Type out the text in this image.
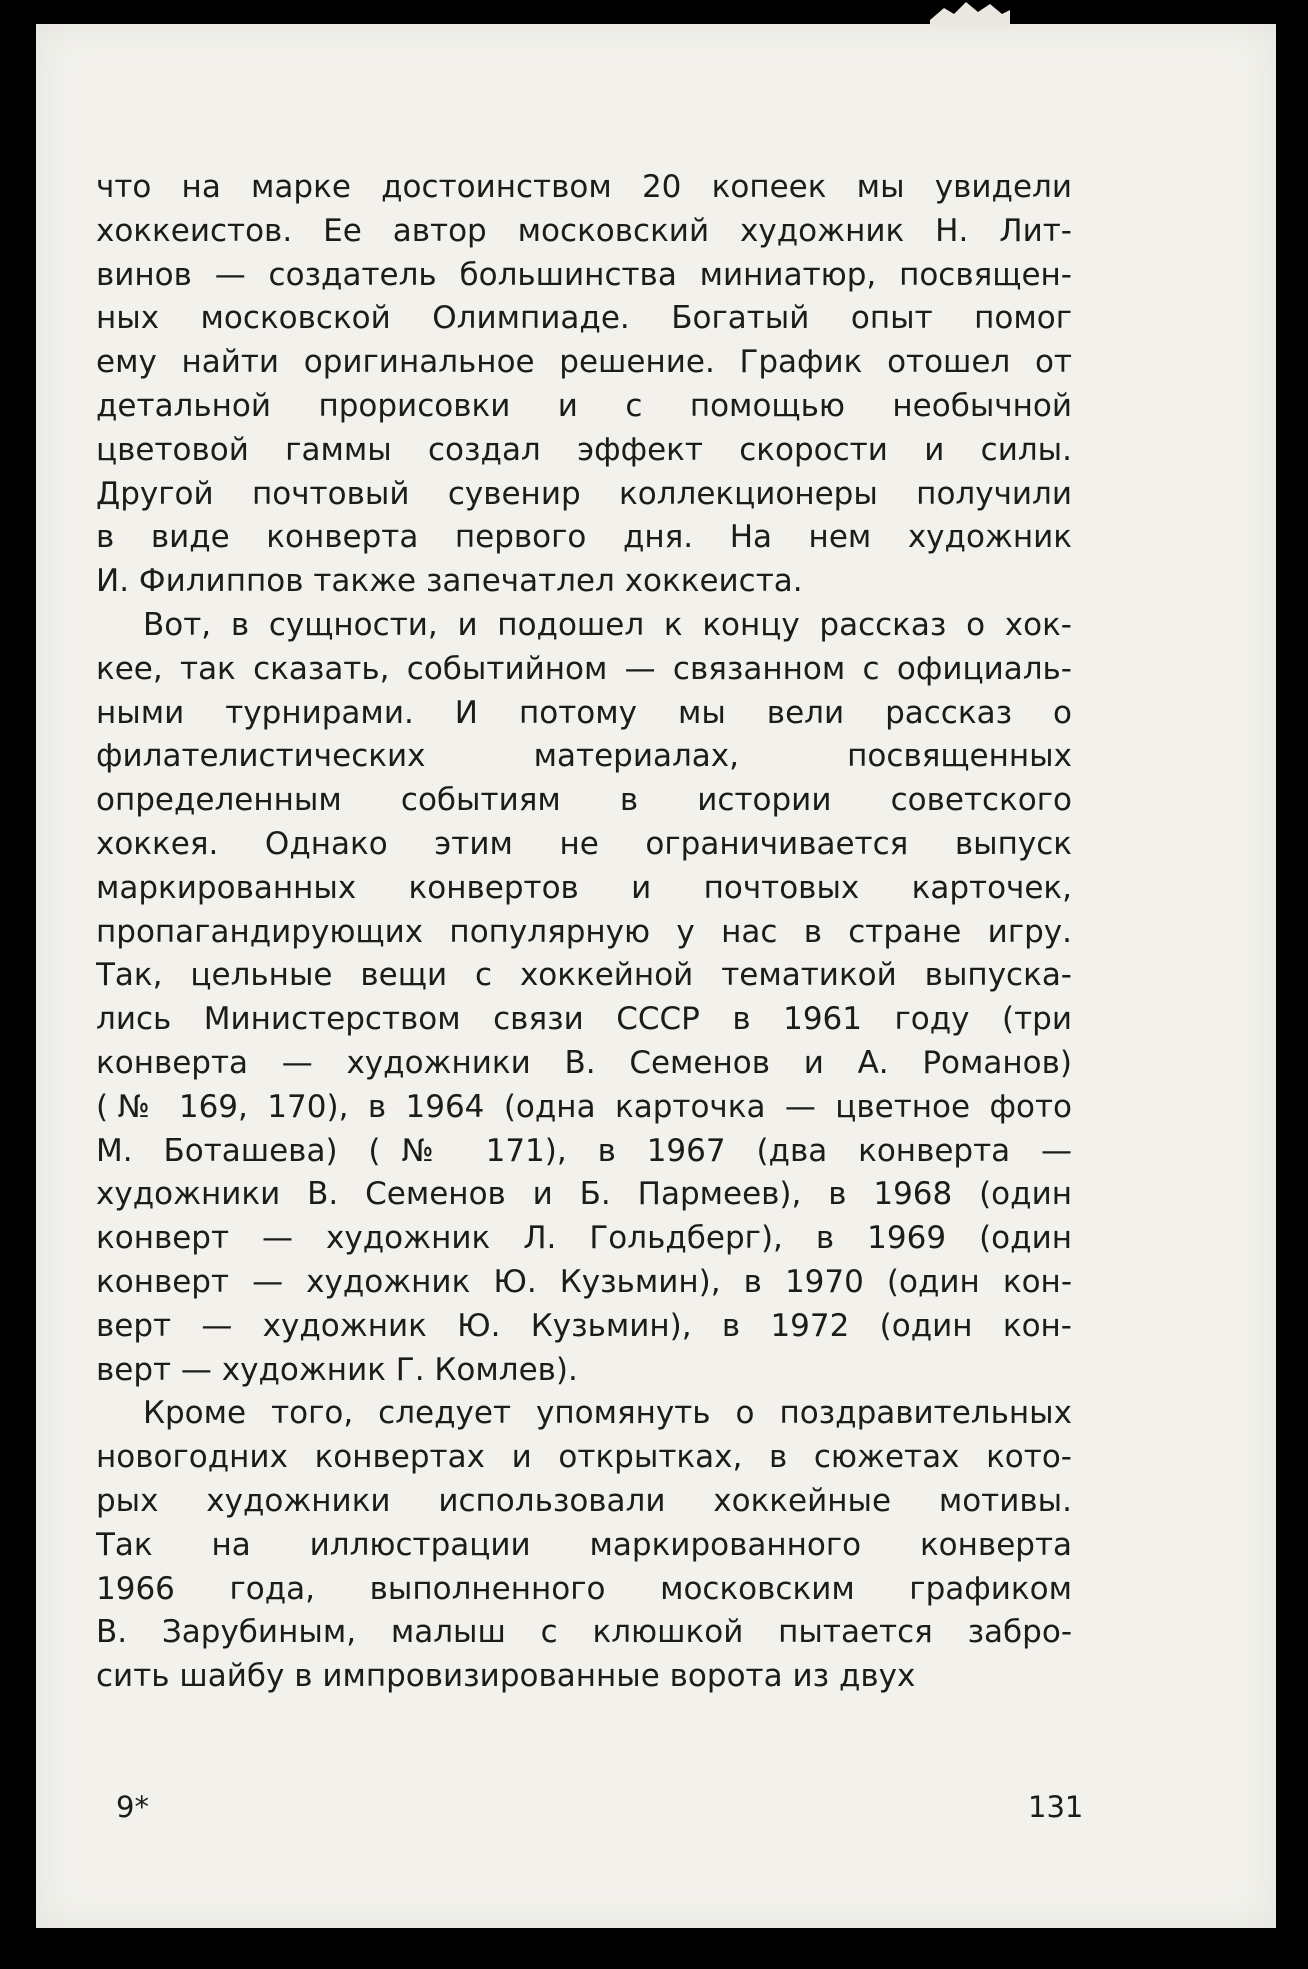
что на марке достоинством 20 копеек мы увидели
хоккеистов. Ее автор московский художник Н. Лит-
винов — создатель большинства миниатюр, посвящен-
ных московской Олимпиаде. Богатый опыт помог
ему найти оригинальное решение. График отошел от
детальной прорисовки и с помощью необычной
цветовой гаммы создал эффект скорости и силы.
Другой почтовый сувенир коллекционеры получили
в виде конверта первого дня. На нем художник
И. Филиппов также запечатлел хоккеиста.
Вот, в сущности, и подошел к концу рассказ о хок-
кее, так сказать, событийном — связанном с официаль-
ными турнирами. И потому мы вели рассказ о
филателистических материалах, посвященных
определенным событиям в истории советского
хоккея. Однако этим не ограничивается выпуск
маркированных конвертов и почтовых карточек,
пропагандирующих популярную у нас в стране игру.
Так, цельные вещи с хоккейной тематикой выпуска-
лись Министерством связи СССР в 1961 году (три
конверта — художники В. Семенов и А. Романов)
(№ 169, 170), в 1964 (одна карточка — цветное фото
М. Боташева) (№ 171), в 1967 (два конверта —
художники В. Семенов и Б. Пармеев), в 1968 (один
конверт — художник Л. Гольдберг), в 1969 (один
конверт — художник Ю. Кузьмин), в 1970 (один кон-
верт — художник Ю. Кузьмин), в 1972 (один кон-
верт — художник Г. Комлев).
Кроме того, следует упомянуть о поздравительных
новогодних конвертах и открытках, в сюжетах кото-
рых художники использовали хоккейные мотивы.
Так на иллюстрации маркированного конверта
1966 года, выполненного московским графиком
В. Зарубиным, малыш с клюшкой пытается забро-
сить шайбу в импровизированные ворота из двух
9*	131
